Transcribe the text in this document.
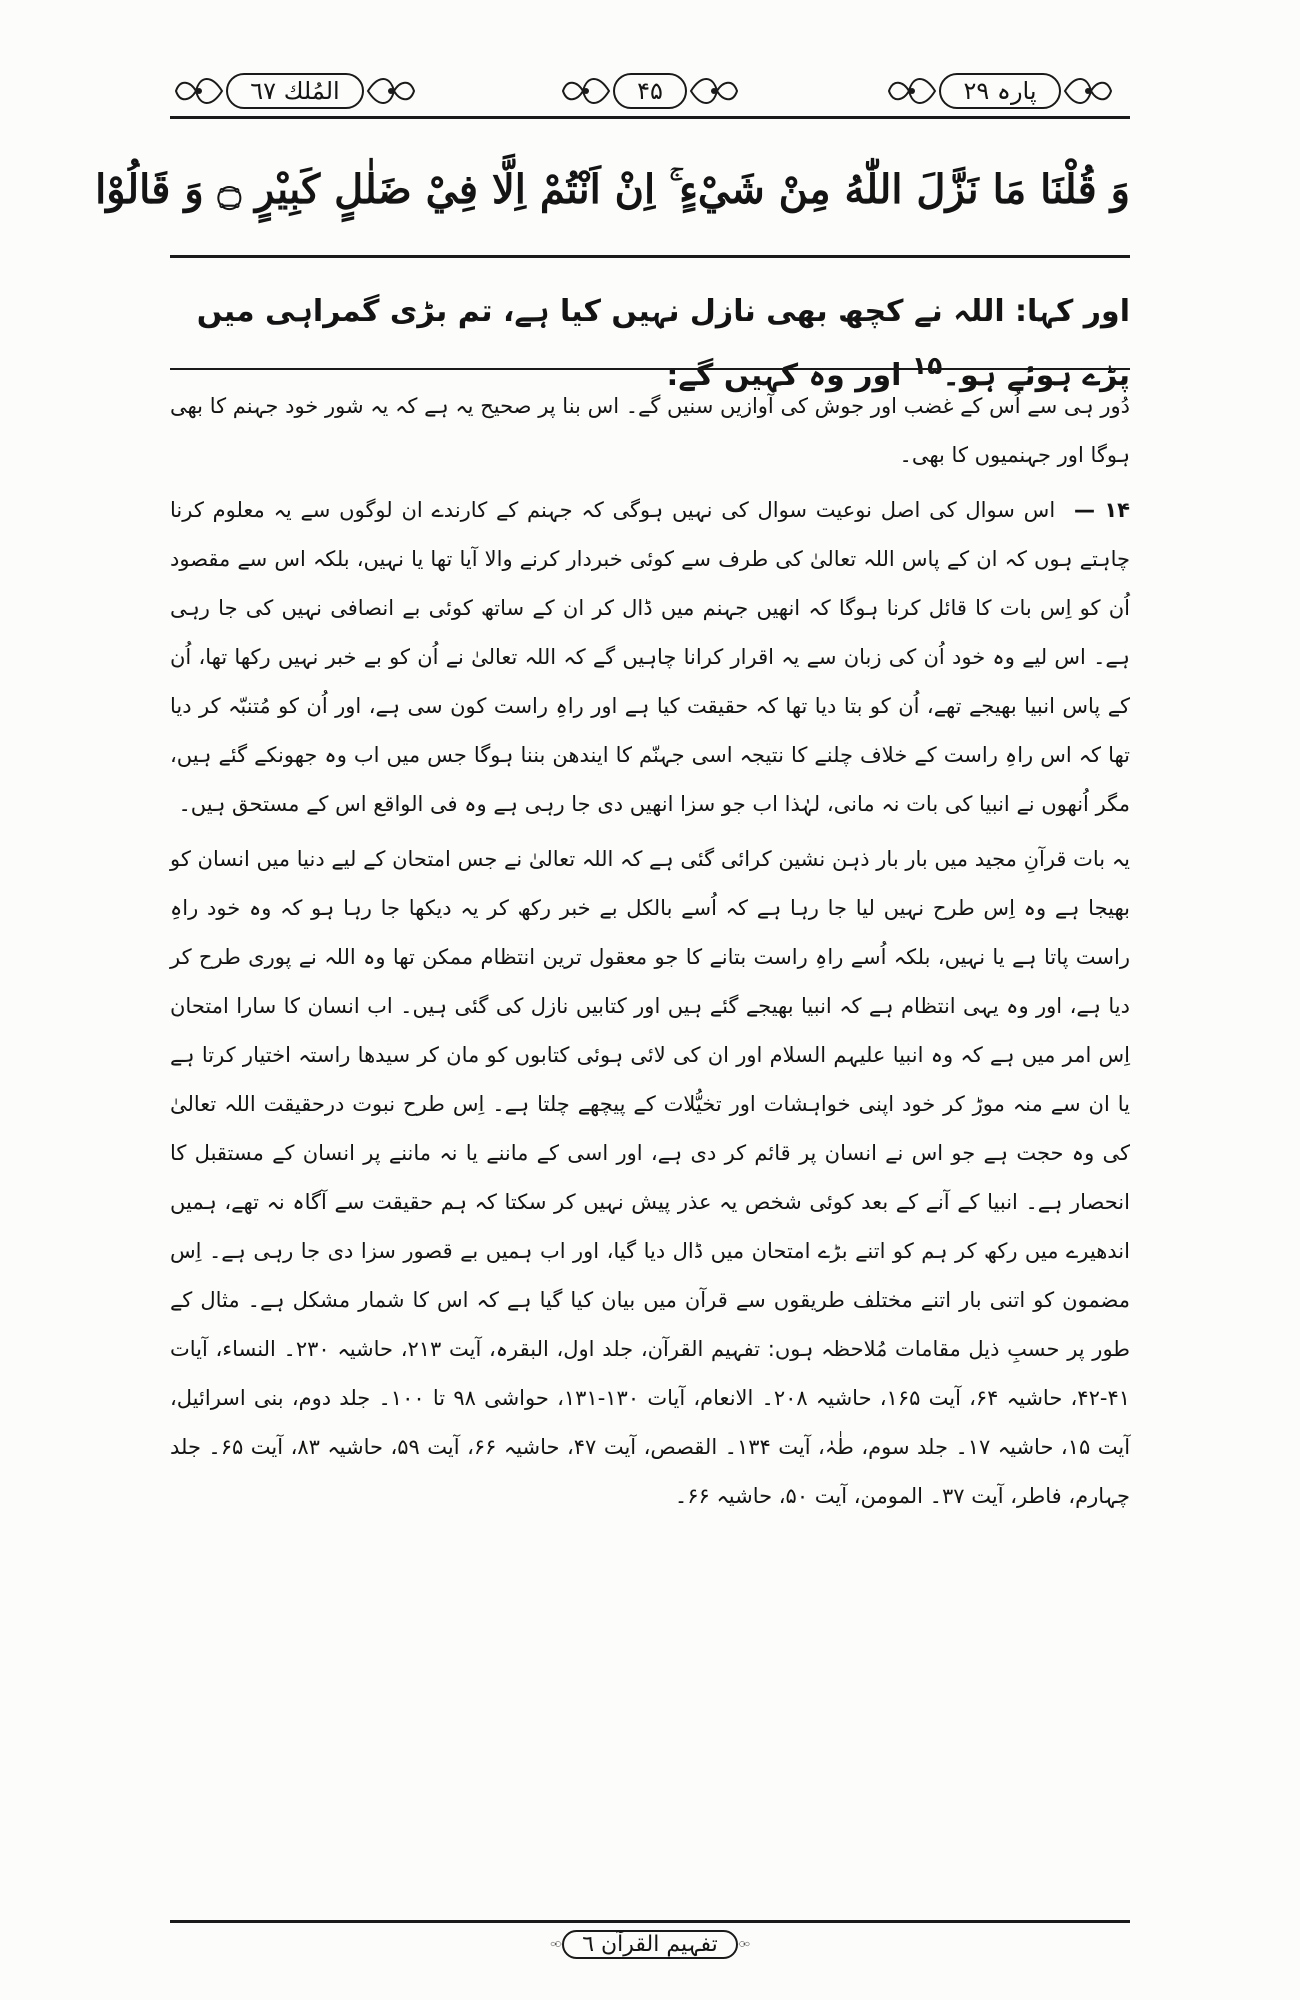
پارہ ۲۹
۴۵
المُلك ٦٧
وَ قُلْنَا مَا نَزَّلَ اللّٰهُ مِنْ شَيْءٍ ۚ اِنْ اَنْتُمْ اِلَّا فِيْ ضَلٰلٍ كَبِيْرٍ ۝ وَ قَالُوْا
اور کہا: اللہ نے کچھ بھی نازل نہیں کیا ہے، تم بڑی گمراہی میں پڑے ہوئے ہو۔$^{۱۵}$ اور وہ کہیں گے:

دُور ہی سے اُس کے غضب اور جوش کی آوازیں سنیں گے۔ اس بنا پر صحیح یہ ہے کہ یہ شور خود جہنم کا بھی ہوگا اور جہنمیوں کا بھی۔

۱۴ — اس سوال کی اصل نوعیت سوال کی نہیں ہوگی کہ جہنم کے کارندے ان لوگوں سے یہ معلوم کرنا چاہتے ہوں کہ ان کے پاس اللہ تعالیٰ کی طرف سے کوئی خبردار کرنے والا آیا تھا یا نہیں، بلکہ اس سے مقصود اُن کو اِس بات کا قائل کرنا ہوگا کہ انھیں جہنم میں ڈال کر ان کے ساتھ کوئی بے انصافی نہیں کی جا رہی ہے۔ اس لیے وہ خود اُن کی زبان سے یہ اقرار کرانا چاہیں گے کہ اللہ تعالیٰ نے اُن کو بے خبر نہیں رکھا تھا، اُن کے پاس انبیا بھیجے تھے، اُن کو بتا دیا تھا کہ حقیقت کیا ہے اور راہِ راست کون سی ہے، اور اُن کو مُتنبّہ کر دیا تھا کہ اس راہِ راست کے خلاف چلنے کا نتیجہ اسی جہنّم کا ایندھن بننا ہوگا جس میں اب وہ جھونکے گئے ہیں، مگر اُنھوں نے انبیا کی بات نہ مانی، لہٰذا اب جو سزا انھیں دی جا رہی ہے وہ فی الواقع اس کے مستحق ہیں۔

یہ بات قرآنِ مجید میں بار بار ذہن نشین کرائی گئی ہے کہ اللہ تعالیٰ نے جس امتحان کے لیے دنیا میں انسان کو بھیجا ہے وہ اِس طرح نہیں لیا جا رہا ہے کہ اُسے بالکل بے خبر رکھ کر یہ دیکھا جا رہا ہو کہ وہ خود راہِ راست پاتا ہے یا نہیں، بلکہ اُسے راہِ راست بتانے کا جو معقول ترین انتظام ممکن تھا وہ اللہ نے پوری طرح کر دیا ہے، اور وہ یہی انتظام ہے کہ انبیا بھیجے گئے ہیں اور کتابیں نازل کی گئی ہیں۔ اب انسان کا سارا امتحان اِس امر میں ہے کہ وہ انبیا علیہم السلام اور ان کی لائی ہوئی کتابوں کو مان کر سیدھا راستہ اختیار کرتا ہے یا ان سے منہ موڑ کر خود اپنی خواہشات اور تخیُّلات کے پیچھے چلتا ہے۔ اِس طرح نبوت درحقیقت اللہ تعالیٰ کی وہ حجت ہے جو اس نے انسان پر قائم کر دی ہے، اور اسی کے ماننے یا نہ ماننے پر انسان کے مستقبل کا انحصار ہے۔ انبیا کے آنے کے بعد کوئی شخص یہ عذر پیش نہیں کر سکتا کہ ہم حقیقت سے آگاہ نہ تھے، ہمیں اندھیرے میں رکھ کر ہم کو اتنے بڑے امتحان میں ڈال دیا گیا، اور اب ہمیں بے قصور سزا دی جا رہی ہے۔ اِس مضمون کو اتنی بار اتنے مختلف طریقوں سے قرآن میں بیان کیا گیا ہے کہ اس کا شمار مشکل ہے۔ مثال کے طور پر حسبِ ذیل مقامات مُلاحظہ ہوں: تفہیم القرآن، جلد اول، البقرہ، آیت ۲۱۳، حاشیہ ۲۳۰۔ النساء، آیات ۴۱-۴۲، حاشیہ ۶۴، آیت ۱۶۵، حاشیہ ۲۰۸۔ الانعام، آیات ۱۳۰-۱۳۱، حواشی ۹۸ تا ۱۰۰۔ جلد دوم، بنی اسرائیل، آیت ۱۵، حاشیہ ۱۷۔ جلد سوم، طٰہٰ، آیت ۱۳۴۔ القصص، آیت ۴۷، حاشیہ ۶۶، آیت ۵۹، حاشیہ ۸۳، آیت ۶۵۔ جلد چہارم، فاطر، آیت ۳۷۔ المومن، آیت ۵۰، حاشیہ ۶۶۔

تفہیم القرآن ٦
